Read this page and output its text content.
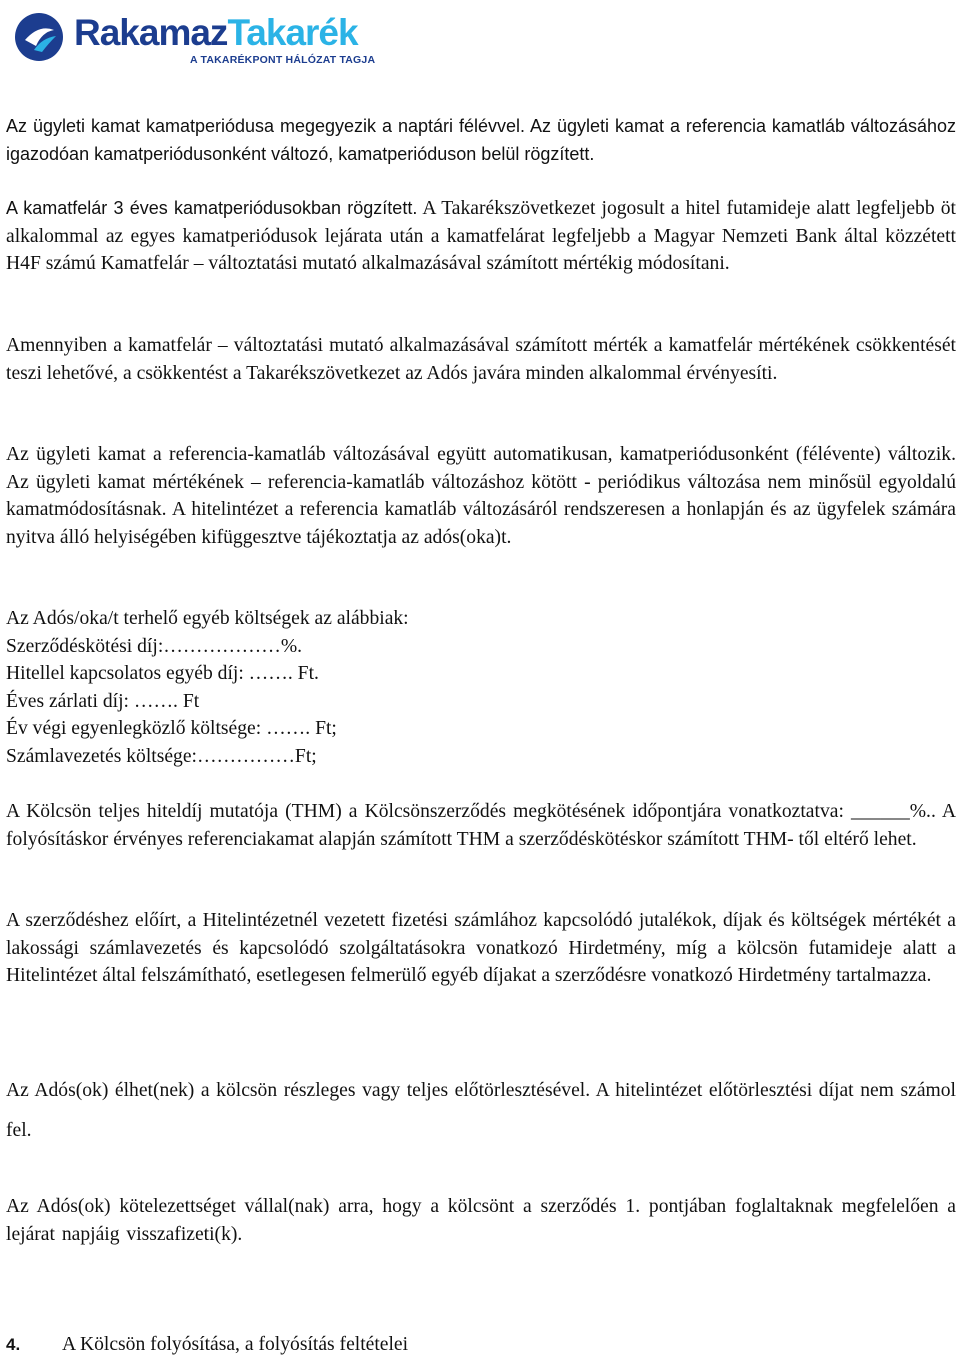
RakamazTakarék
A TAKARÉKPONT HÁLÓZAT TAGJA
Az ügyleti kamat kamatperiódusa megegyezik a naptári félévvel. Az ügyleti kamat a referencia kamatláb változásához igazodóan kamatperiódusonként változó, kamatperióduson belül rögzített.
A kamatfelár 3 éves kamatperiódusokban rögzített. A Takarékszövetkezet jogosult a hitel futamideje alatt legfeljebb öt alkalommal az egyes kamatperiódusok lejárata után a kamatfelárat legfeljebb a Magyar Nemzeti Bank által közzétett H4F számú Kamatfelár – változtatási mutató alkalmazásával számított mértékig módosítani.
Amennyiben a kamatfelár – változtatási mutató alkalmazásával számított mérték a kamatfelár mértékének csökkentését teszi lehetővé, a csökkentést a Takarékszövetkezet az Adós javára minden alkalommal érvényesíti.
Az ügyleti kamat a referencia-kamatláb változásával együtt automatikusan, kamatperiódusonként (félévente) változik. Az ügyleti kamat mértékének – referencia-kamatláb változáshoz kötött - periódikus változása nem minősül egyoldalú kamatmódosításnak. A hitelintézet a referencia kamatláb változásáról rendszeresen a honlapján és az ügyfelek számára nyitva álló helyiségében kifüggesztve tájékoztatja az adós(oka)t.
Az Adós/oka/t terhelő egyéb költségek az alábbiak:
Szerződéskötési díj:………………%.
Hitellel kapcsolatos egyéb díj: ……. Ft.
Éves zárlati díj: ……. Ft
Év végi egyenlegközlő költsége: ……. Ft;
Számlavezetés költsége:……………Ft;
A Kölcsön teljes hiteldíj mutatója (THM) a Kölcsönszerződés megkötésének időpontjára vonatkoztatva: ______%.. A folyósításkor érvényes referenciakamat alapján számított THM a szerződéskötéskor számított THM- től eltérő lehet.
A szerződéshez előírt, a Hitelintézetnél vezetett fizetési számlához kapcsolódó jutalékok, díjak és költségek mértékét a lakossági számlavezetés és kapcsolódó szolgáltatásokra vonatkozó Hirdetmény, míg a kölcsön futamideje alatt a Hitelintézet által felszámítható, esetlegesen felmerülő egyéb díjakat a szerződésre vonatkozó Hirdetmény tartalmazza.
Az Adós(ok) élhet(nek) a kölcsön részleges vagy teljes előtörlesztésével. A hitelintézet előtörlesztési díjat nem számol fel.
Az Adós(ok) kötelezettséget vállal(nak) arra, hogy a kölcsönt a szerződés 1. pontjában foglaltaknak megfelelően a lejárat napjáig visszafizeti(k).
4. A Kölcsön folyósítása, a folyósítás feltételei
